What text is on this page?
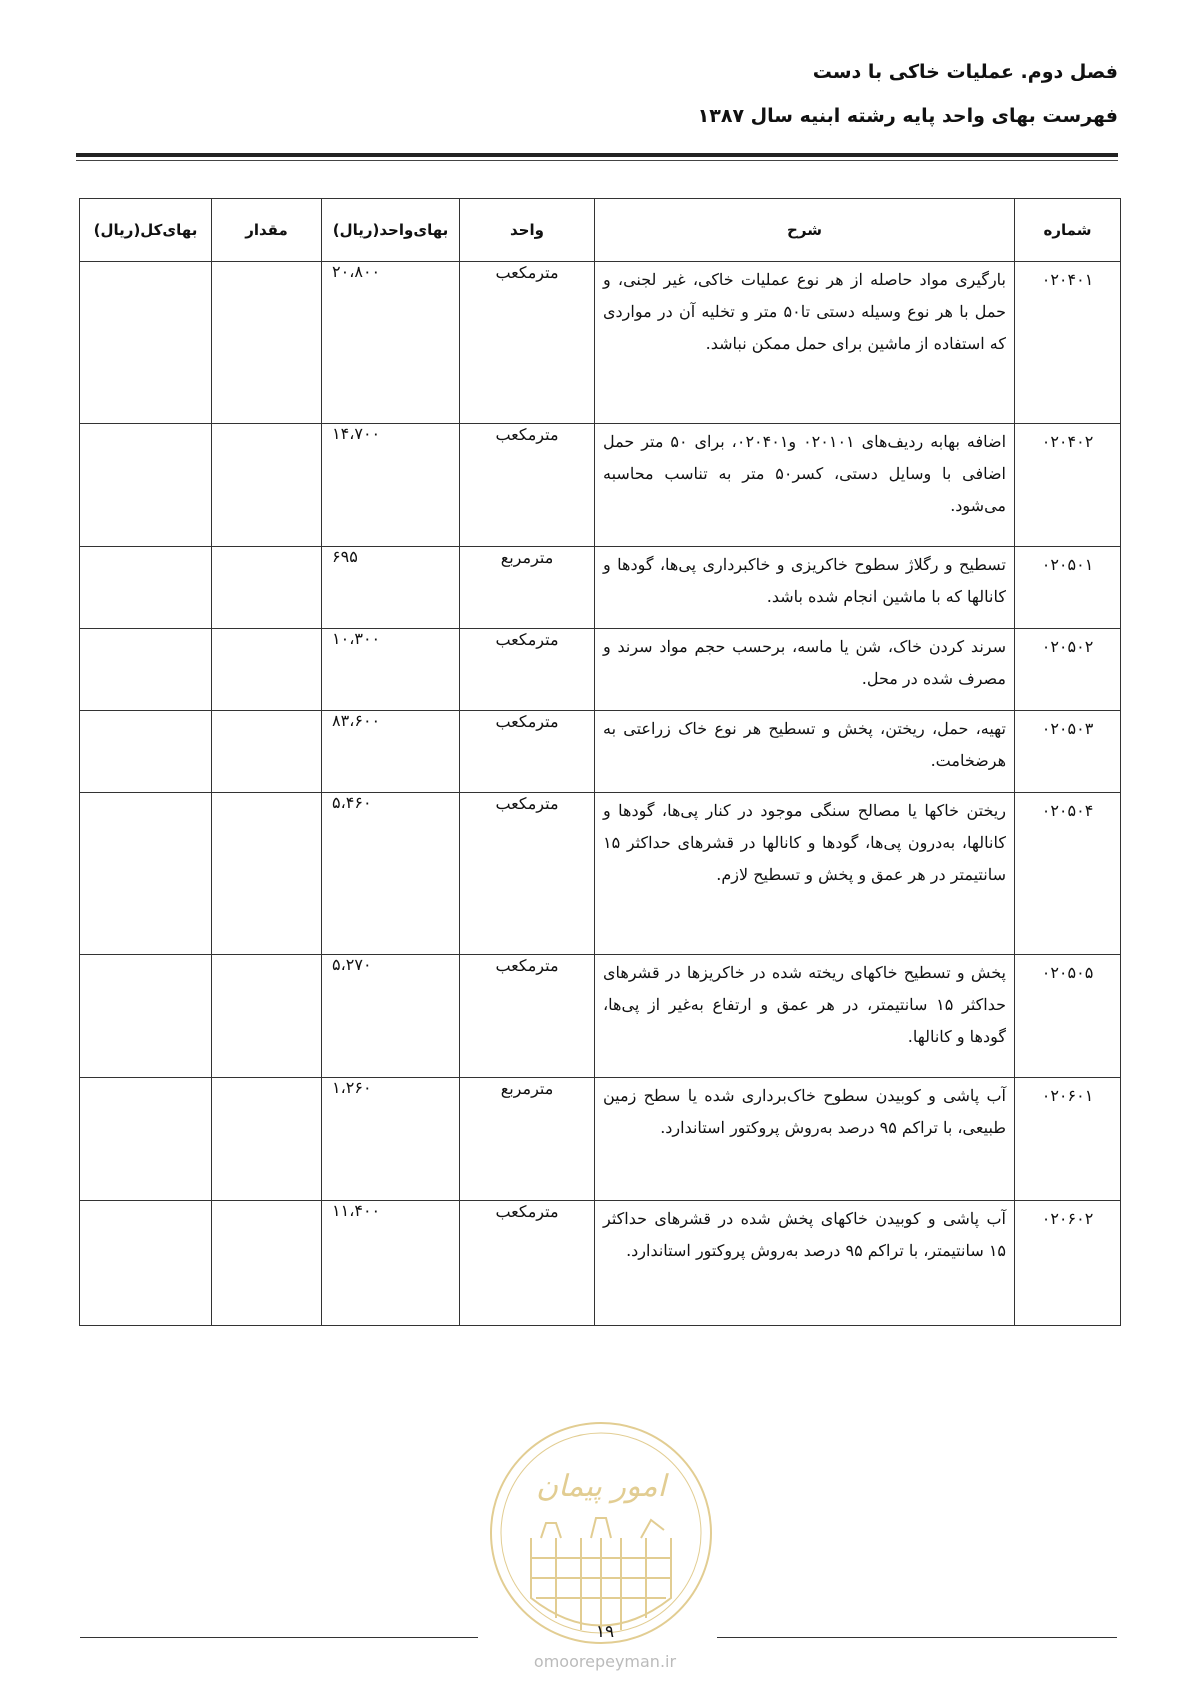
فصل دوم. عملیات خاکی با دست
فهرست بهای واحد پایه رشته ابنیه سال ۱۳۸۷
شماره	شرح	واحد	بهای‌واحد(ریال)	مقدار	بهای‌کل(ریال)
۰۲۰۴۰۱	بارگیری مواد حاصله از هر نوع عملیات خاکی، غیر لجنی، و حمل با هر نوع وسیله دستی تا۵۰ متر و تخلیه آن در مواردی که استفاده از ماشین برای حمل ممکن نباشد.	مترمکعب	۲۰،۸۰۰		
۰۲۰۴۰۲	اضافه بهابه ردیف‌های ۰۲۰۱۰۱ و۰۲۰۴۰۱، برای ۵۰ متر حمل اضافی با وسایل دستی، کسر۵۰ متر به تناسب محاسبه می‌شود.	مترمکعب	۱۴،۷۰۰		
۰۲۰۵۰۱	تسطیح و رگلاژ سطوح خاکریزی و خاکبرداری پی‌ها، گودها و کانالها که با ماشین انجام شده باشد.	مترمربع	۶۹۵		
۰۲۰۵۰۲	سرند کردن خاک، شن یا ماسه، برحسب حجم مواد سرند و مصرف شده در محل.	مترمکعب	۱۰،۳۰۰		
۰۲۰۵۰۳	تهیه، حمل، ریختن، پخش و تسطیح هر نوع خاک زراعتی به هرضخامت.	مترمکعب	۸۳،۶۰۰		
۰۲۰۵۰۴	ریختن خاکها یا مصالح سنگی موجود در کنار پی‌ها، گودها و کانالها، به‌درون پی‌ها، گودها و کانالها در قشرهای حداکثر ۱۵ سانتیمتر در هر عمق و پخش و تسطیح لازم.	مترمکعب	۵،۴۶۰		
۰۲۰۵۰۵	پخش و تسطیح خاکهای ریخته شده در خاکریزها در قشرهای حداکثر ۱۵ سانتیمتر، در هر عمق و ارتفاع به‌غیر از پی‌ها، گودها و کانالها.	مترمکعب	۵،۲۷۰		
۰۲۰۶۰۱	آب پاشی و کوبیدن سطوح خاک‌برداری شده یا سطح زمین طبیعی، با تراکم ۹۵ درصد به‌روش پروکتور استاندارد.	مترمربع	۱،۲۶۰		
۰۲۰۶۰۲	آب پاشی و کوبیدن خاکهای پخش شده در قشرهای حداکثر ۱۵ سانتیمتر، با تراکم ۹۵ درصد به‌روش پروکتور استاندارد.	مترمکعب	۱۱،۴۰۰		
امور پیمان
۱۹
omoorepeyman.ir
